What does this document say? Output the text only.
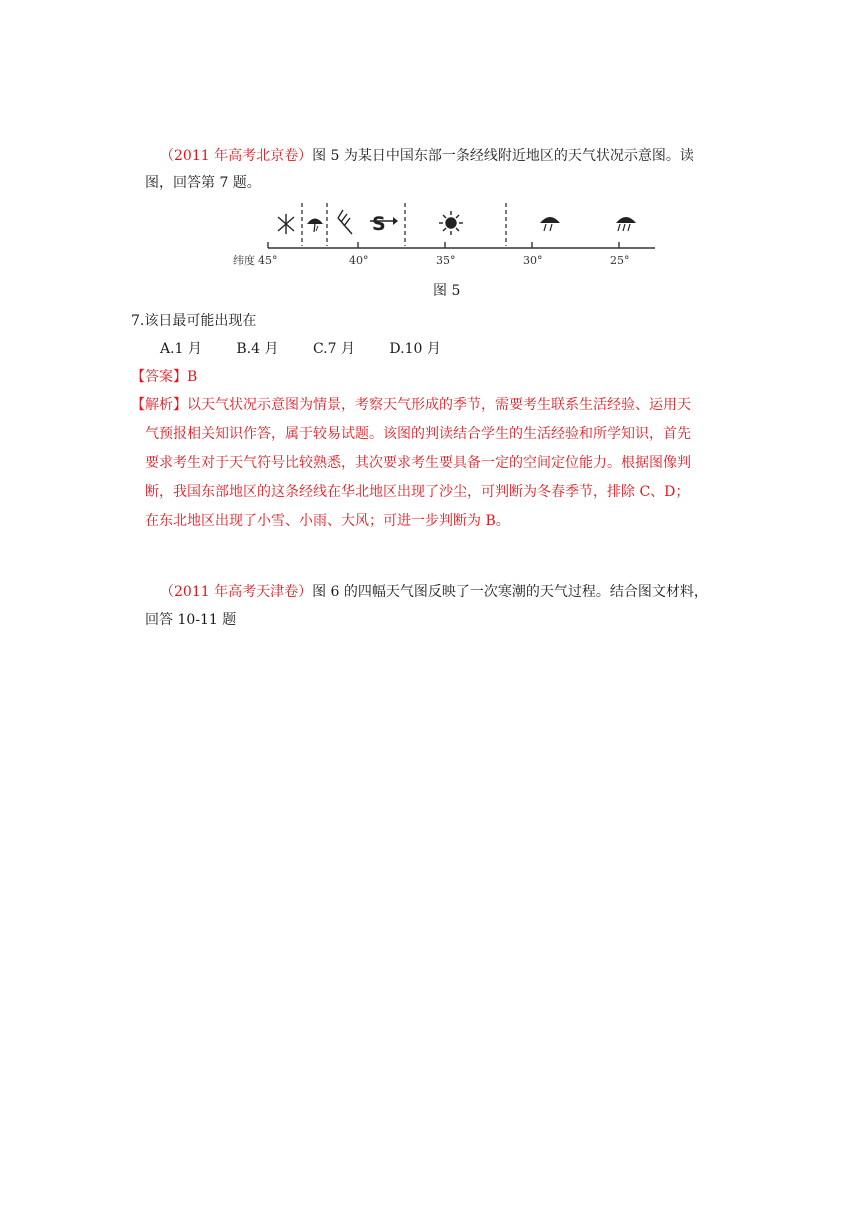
（2011 年高考北京卷）图 5 为某日中国东部一条经线附近地区的天气状况示意图。读
图，回答第 7 题。
S
纬度 45°	40°	35°	30°	25°
图 5
7.该日最可能出现在
A.1 月 B.4 月 C.7 月 D.10 月
【答案】B
【解析】以天气状况示意图为情景，考察天气形成的季节，需要考生联系生活经验、运用天
气预报相关知识作答，属于较易试题。该图的判读结合学生的生活经验和所学知识，首先
要求考生对于天气符号比较熟悉，其次要求考生要具备一定的空间定位能力。根据图像判
断，我国东部地区的这条经线在华北地区出现了沙尘，可判断为冬春季节，排除 C、D；
在东北地区出现了小雪、小雨、大风；可进一步判断为 B。
（2011 年高考天津卷）图 6 的四幅天气图反映了一次寒潮的天气过程。结合图文材料，
回答 10-11 题
